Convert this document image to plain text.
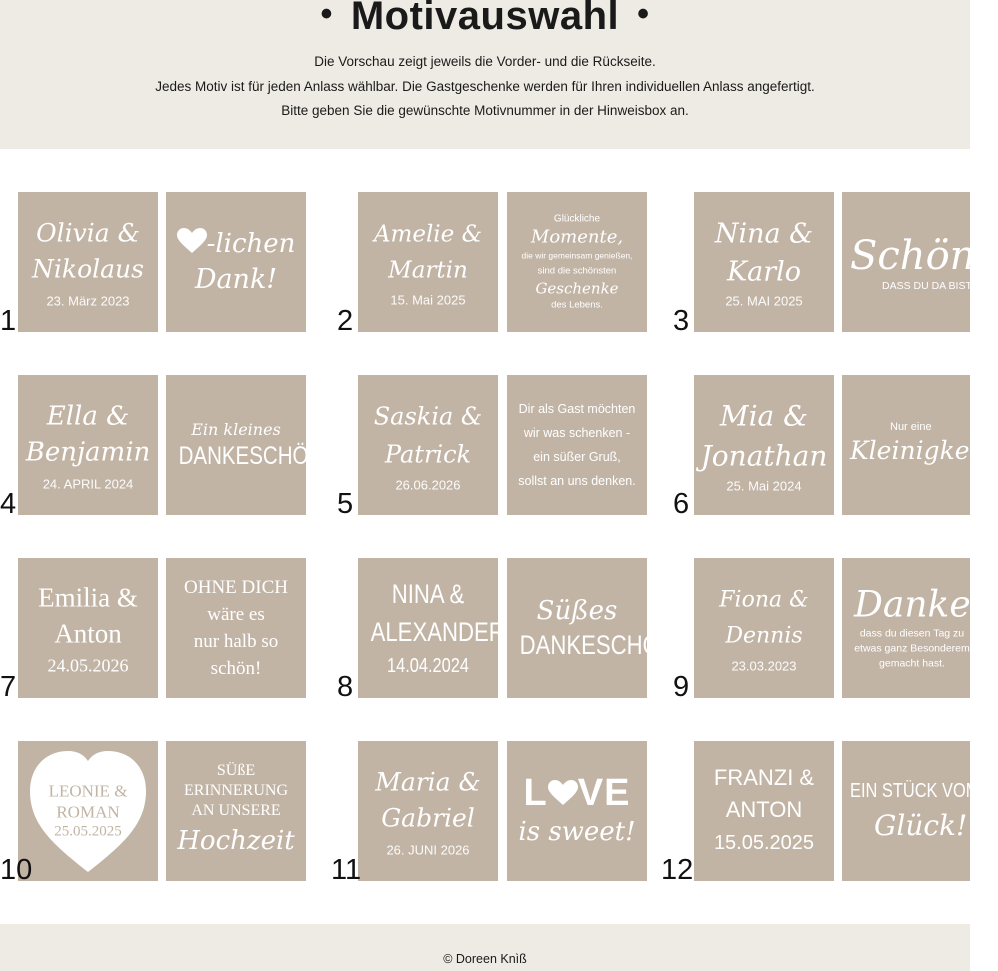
• Motivauswahl •
Die Vorschau zeigt jeweils die Vorder- und die Rückseite.
Jedes Motiv ist für jeden Anlass wählbar. Die Gastgeschenke werden für Ihren individuellen Anlass angefertigt.
Bitte geben Sie die gewünschte Motivnummer in der Hinweisbox an.
Olivia &
Nikolaus
23. März 2023
-lichen
Dank!
1
Amelie &
Martin
15. Mai 2025
Glückliche
Momente,
die wir gemeinsam genießen,
sind die schönsten
Geschenke
des Lebens.
2
Nina &
Karlo
25. MAI 2025
Schön,
DASS DU DA BIST
3
Ella &
Benjamin
24. APRIL 2024
Ein kleines
DANKESCHÖN!
4
Saskia &
Patrick
26.06.2026
Dir als Gast möchten
wir was schenken -
ein süßer Gruß,
sollst an uns denken.
5
Mia &
Jonathan
25. Mai 2024
Nur eine
Kleinigkeit!
6
Emilia &
Anton
24.05.2026
OHNE DICH
wäre es
nur halb so
schön!
7
NINA &
ALEXANDER
14.04.2024
Süßes
DANKESCHÖN!
8
Fiona &
Dennis
23.03.2023
Danke,
dass du diesen Tag zu
etwas ganz Besonderem
gemacht hast.
9
LEONIE &
ROMAN
25.05.2025
SÜßE
ERINNERUNG
AN UNSERE
Hochzeit
10
Maria &
Gabriel
26. JUNI 2026
L VE
is sweet!
11
FRANZI &
ANTON
15.05.2025
EIN STÜCK VOM
Glück!
12
© Doreen Knìß
